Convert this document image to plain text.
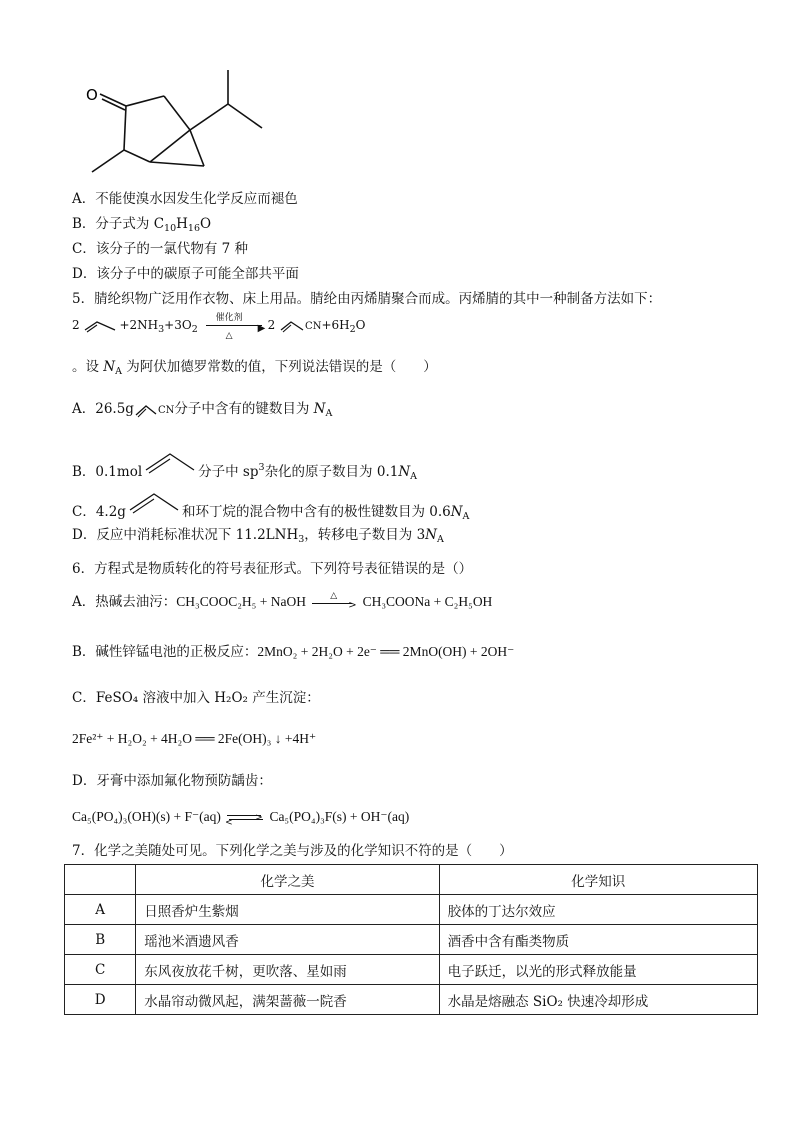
O
A．不能使溴水因发生化学反应而褪色
B．分子式为 $C_{10}H_{16}O$
C．该分子的一氯代物有 7 种
D．该分子中的碳原子可能全部共平面
5．腈纶织物广泛用作衣物、床上用品。腈纶由丙烯腈聚合而成。丙烯腈的其中一种制备方法如下：
2	$+2NH_3+3O_2$
催化剂
▶
△
2	$CN+6H_2O$
。设 $N_A$ 为阿伏加德罗常数的值，下列说法错误的是（　　）
A．26.5g CN分子中含有的键数目为 $N_A$
B．0.1mol	分子中 $sp^3$杂化的原子数目为 $0.1N_A$
C．4.2g	和环丁烷的混合物中含有的极性键数目为 $0.6N_A$
D．反应中消耗标准状况下 $11.2LNH_3$，转移电子数目为 $3N_A$
6．方程式是物质转化的符号表征形式。下列符号表征错误的是（）
A．热碱去油污：CH₃COOC₂H₅ + NaOH	△
> CH₃COONa + C₂H₅OH
B．碱性锌锰电池的正极反应：2MnO₂ + 2H₂O + 2e⁻ ══ 2MnO(OH) + 2OH⁻
C．FeSO₄ 溶液中加入 H₂O₂ 产生沉淀：
2Fe²⁺ + H₂O₂ + 4H₂O ══ 2Fe(OH)₃ ↓ +4H⁺
D．牙膏中添加氟化物预防龋齿：
Ca₅(PO₄)₃(OH)(s) + F⁻(aq)	>
<	Ca₅(PO₄)₃F(s) + OH⁻(aq)
7．化学之美随处可见。下列化学之美与涉及的化学知识不符的是（　　）
	化学之美	化学知识
A	日照香炉生紫烟	胶体的丁达尔效应
B	瑶池米酒遗风香	酒香中含有酯类物质
C	东风夜放花千树，更吹落、星如雨	电子跃迁，以光的形式释放能量
D	水晶帘动微风起，满架蔷薇一院香	水晶是熔融态 SiO₂ 快速冷却形成
